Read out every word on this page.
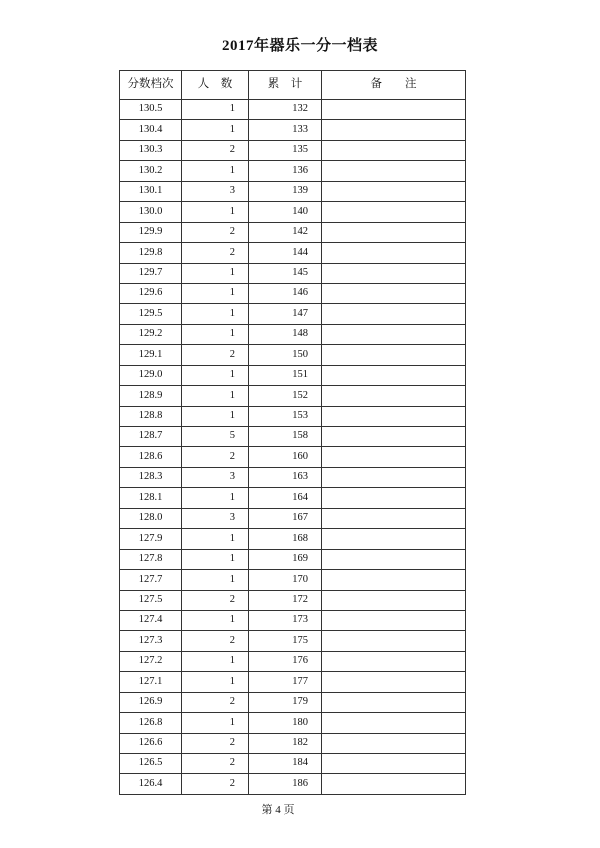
2017年器乐一分一档表
分数档次	人　数	累　计	备　　注
130.5	1	132	
130.4	1	133	
130.3	2	135	
130.2	1	136	
130.1	3	139	
130.0	1	140	
129.9	2	142	
129.8	2	144	
129.7	1	145	
129.6	1	146	
129.5	1	147	
129.2	1	148	
129.1	2	150	
129.0	1	151	
128.9	1	152	
128.8	1	153	
128.7	5	158	
128.6	2	160	
128.3	3	163	
128.1	1	164	
128.0	3	167	
127.9	1	168	
127.8	1	169	
127.7	1	170	
127.5	2	172	
127.4	1	173	
127.3	2	175	
127.2	1	176	
127.1	1	177	
126.9	2	179	
126.8	1	180	
126.6	2	182	
126.5	2	184	
126.4	2	186	
第 4 页
